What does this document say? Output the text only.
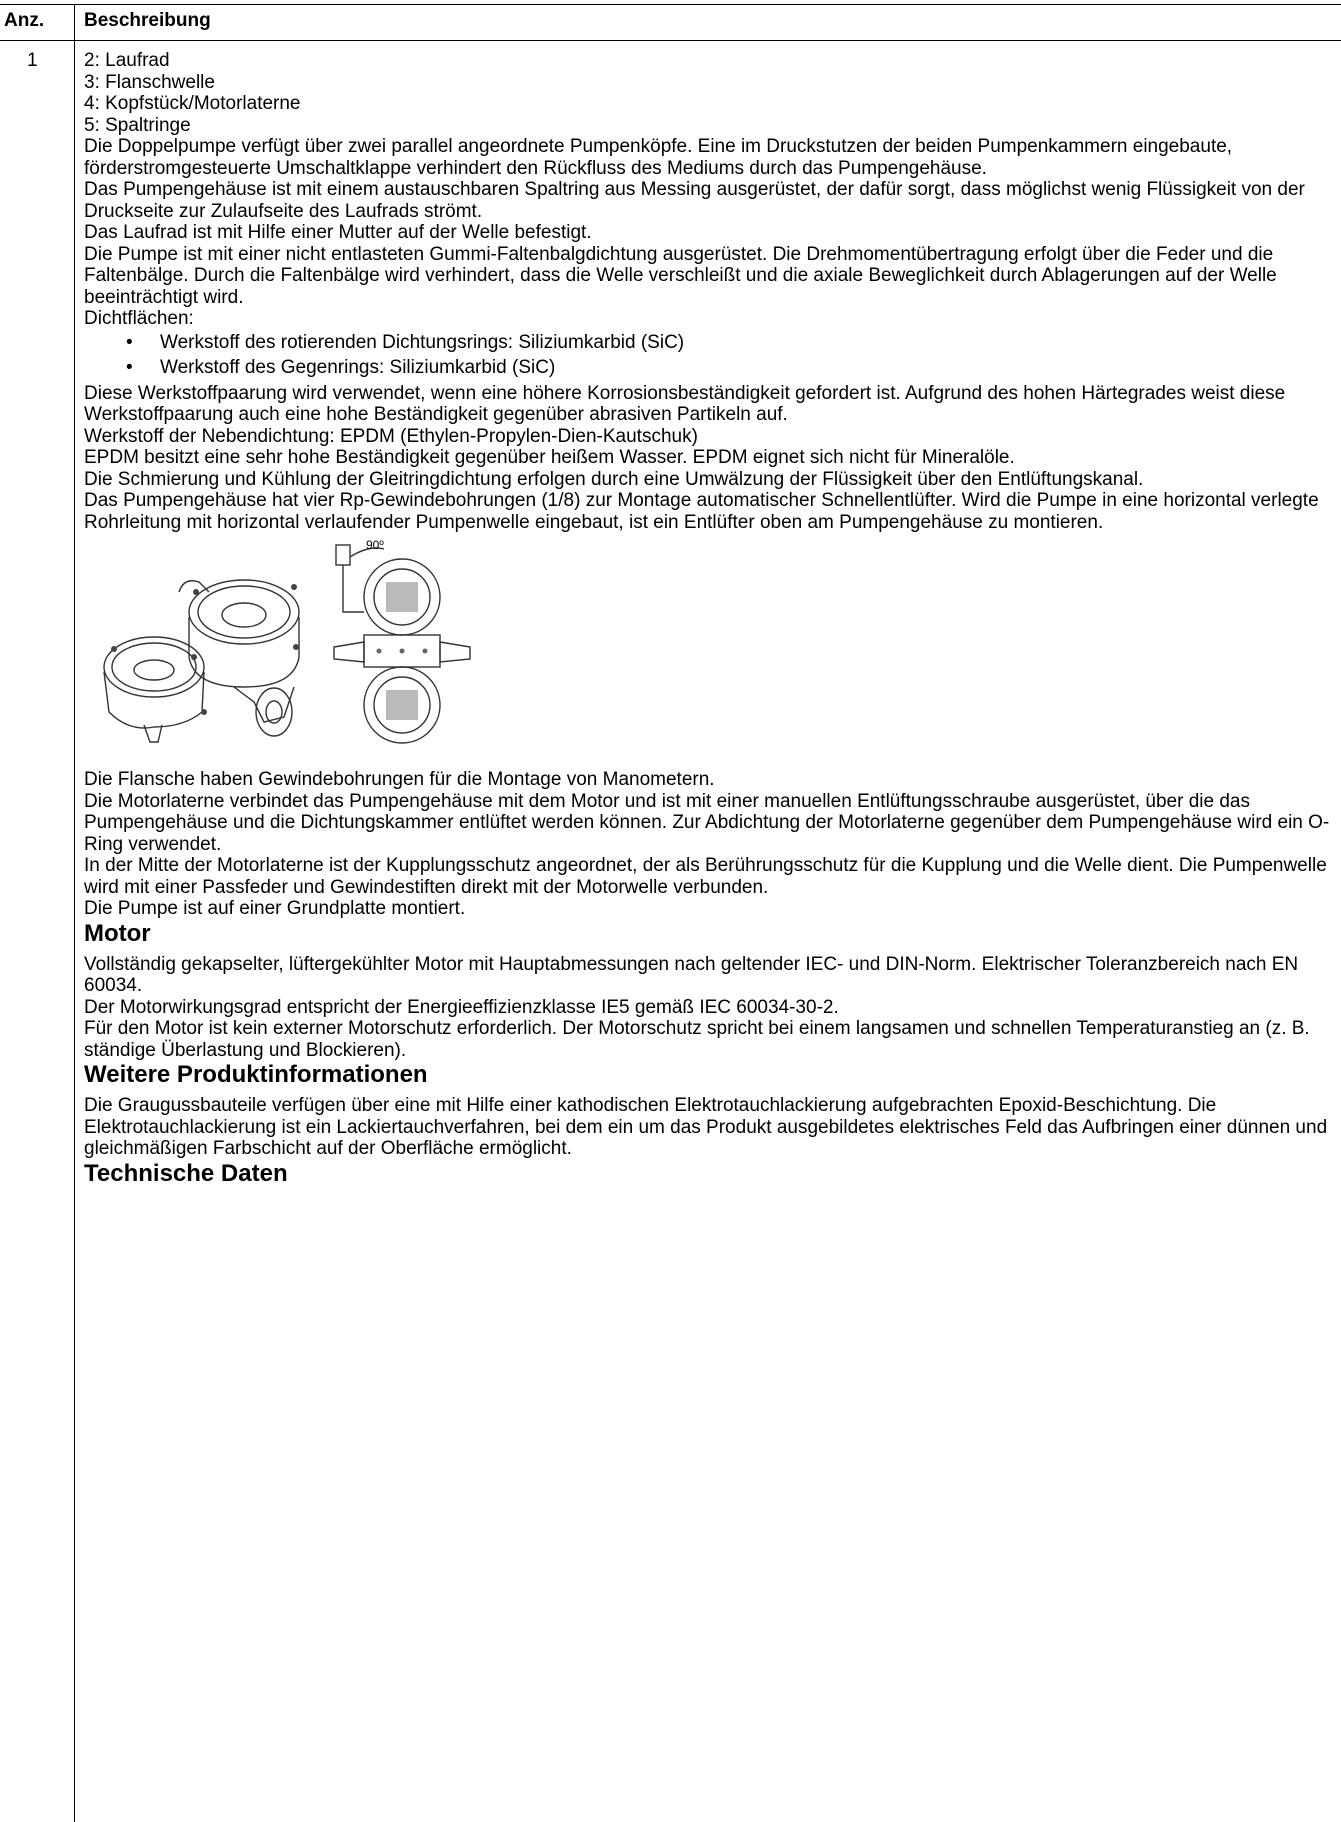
Anz. Beschreibung
1 2: Laufrad

3: Flanschwelle

4: Kopfstück/Motorlaterne

5: Spaltringe

Die Doppelpumpe verfügt über zwei parallel angeordnete Pumpenköpfe. Eine im Druckstutzen der beiden Pumpenkammern eingebaute, förderstromgesteuerte Umschaltklappe verhindert den Rückfluss des Mediums durch das Pumpengehäuse.

Das Pumpengehäuse ist mit einem austauschbaren Spaltring aus Messing ausgerüstet, der dafür sorgt, dass möglichst wenig Flüssigkeit von der Druckseite zur Zulaufseite des Laufrads strömt.

Das Laufrad ist mit Hilfe einer Mutter auf der Welle befestigt.

Die Pumpe ist mit einer nicht entlasteten Gummi-Faltenbalgdichtung ausgerüstet. Die Drehmomentübertragung erfolgt über die Feder und die Faltenbälge. Durch die Faltenbälge wird verhindert, dass die Welle verschleißt und die axiale Beweglichkeit durch Ablagerungen auf der Welle beeinträchtigt wird.

Dichtflächen:

• Werkstoff des rotierenden Dichtungsrings: Siliziumkarbid (SiC)
• Werkstoff des Gegenrings: Siliziumkarbid (SiC)

Diese Werkstoffpaarung wird verwendet, wenn eine höhere Korrosionsbeständigkeit gefordert ist. Aufgrund des hohen Härtegrades weist diese Werkstoffpaarung auch eine hohe Beständigkeit gegenüber abrasiven Partikeln auf.

Werkstoff der Nebendichtung: EPDM (Ethylen-Propylen-Dien-Kautschuk)

EPDM besitzt eine sehr hohe Beständigkeit gegenüber heißem Wasser. EPDM eignet sich nicht für Mineralöle.

Die Schmierung und Kühlung der Gleitringdichtung erfolgen durch eine Umwälzung der Flüssigkeit über den Entlüftungskanal.

Das Pumpengehäuse hat vier Rp-Gewindebohrungen (1/8) zur Montage automatischer Schnellentlüfter. Wird die Pumpe in eine horizontal verlegte Rohrleitung mit horizontal verlaufender Pumpenwelle eingebaut, ist ein Entlüfter oben am Pumpengehäuse zu montieren.

90º

Die Flansche haben Gewindebohrungen für die Montage von Manometern.

Die Motorlaterne verbindet das Pumpengehäuse mit dem Motor und ist mit einer manuellen Entlüftungsschraube ausgerüstet, über die das Pumpengehäuse und die Dichtungskammer entlüftet werden können. Zur Abdichtung der Motorlaterne gegenüber dem Pumpengehäuse wird ein O-Ring verwendet.

In der Mitte der Motorlaterne ist der Kupplungsschutz angeordnet, der als Berührungsschutz für die Kupplung und die Welle dient. Die Pumpenwelle wird mit einer Passfeder und Gewindestiften direkt mit der Motorwelle verbunden.

Die Pumpe ist auf einer Grundplatte montiert.

Motor

Vollständig gekapselter, lüftergekühlter Motor mit Hauptabmessungen nach geltender IEC- und DIN-Norm. Elektrischer Toleranzbereich nach EN 60034.

Der Motorwirkungsgrad entspricht der Energieeffizienzklasse IE5 gemäß IEC 60034-30-2.

Für den Motor ist kein externer Motorschutz erforderlich. Der Motorschutz spricht bei einem langsamen und schnellen Temperaturanstieg an (z. B. ständige Überlastung und Blockieren).

Weitere Produktinformationen

Die Graugussbauteile verfügen über eine mit Hilfe einer kathodischen Elektrotauchlackierung aufgebrachten Epoxid-Beschichtung. Die Elektrotauchlackierung ist ein Lackiertauchverfahren, bei dem ein um das Produkt ausgebildetes elektrisches Feld das Aufbringen einer dünnen und gleichmäßigen Farbschicht auf der Oberfläche ermöglicht.

Technische Daten
